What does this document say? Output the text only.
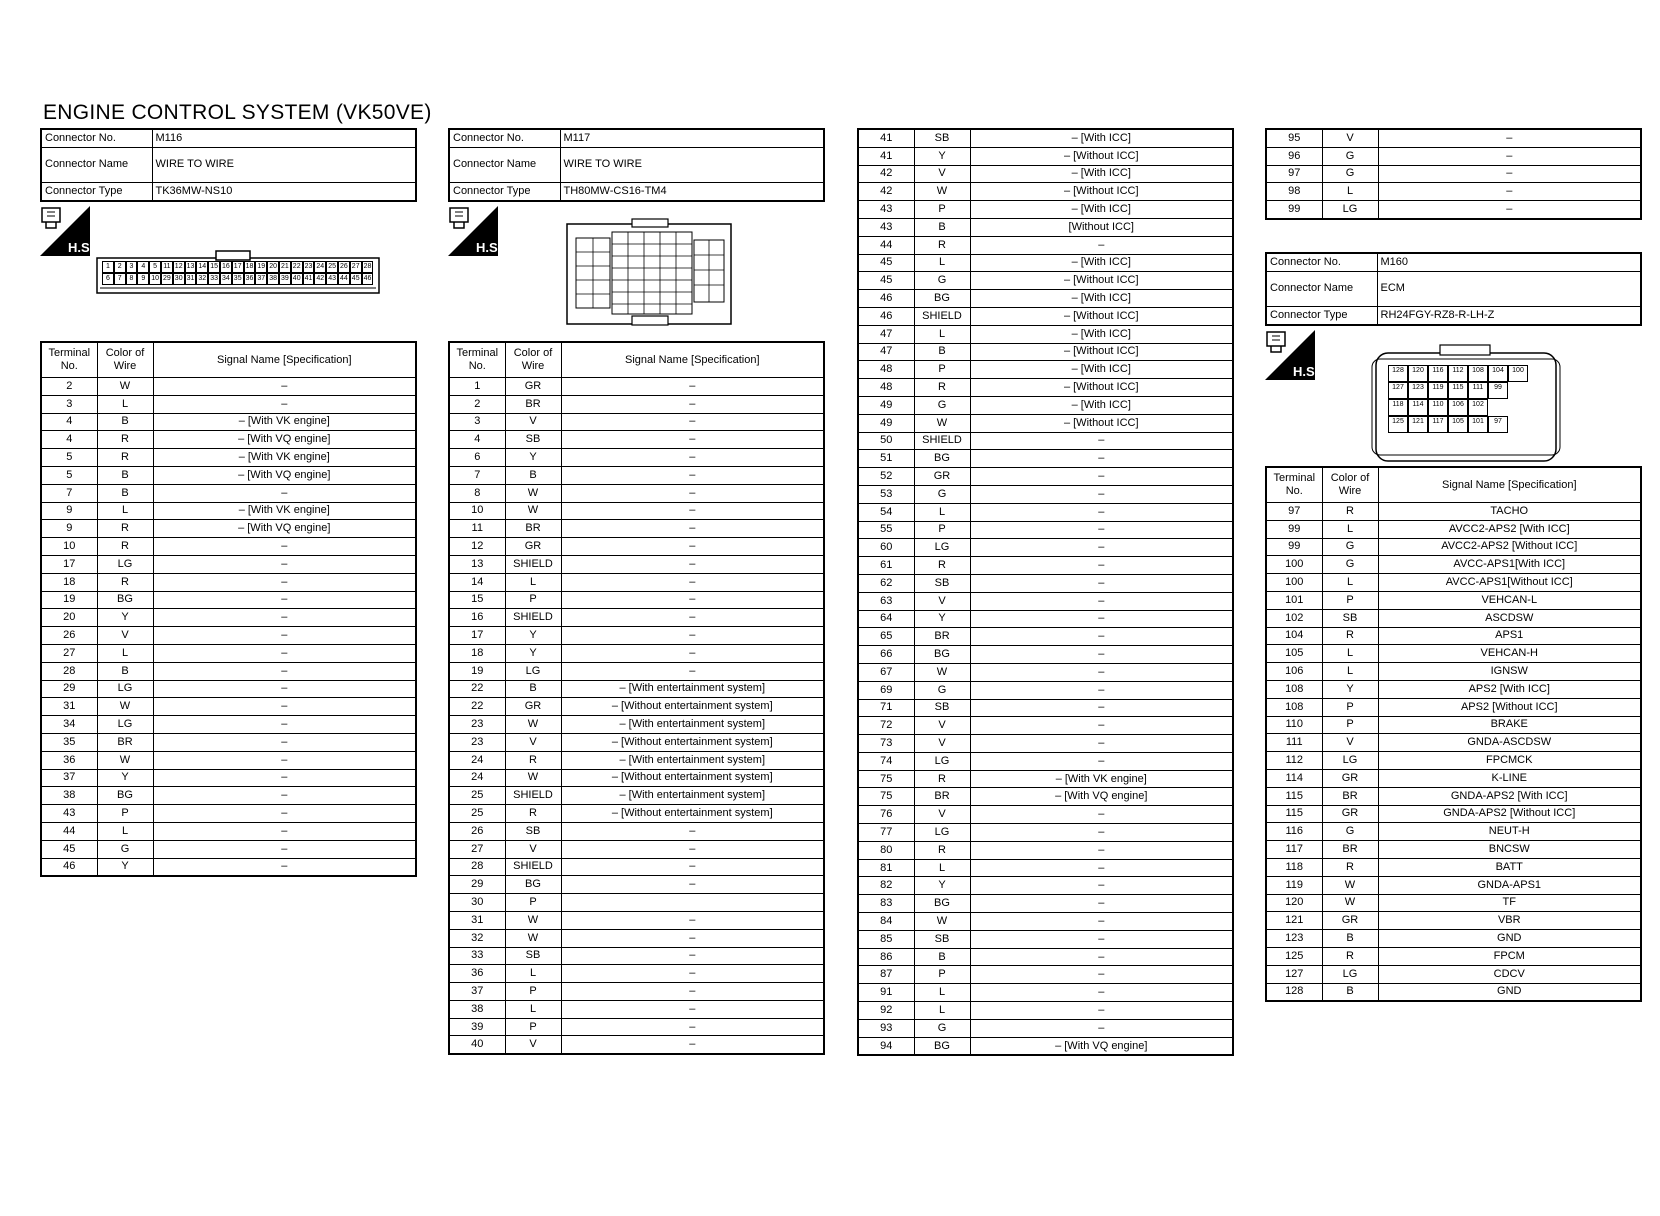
ENGINE CONTROL SYSTEM (VK50VE)
Connector No.	M116
Connector Name	WIRE TO WIRE
Connector Type	TK36MW-NS10
H.S.
1	2	3	4	5 11 12 13 14 15 16 17 18 19 20 21 22 23 24 25 26 27 28
6	7	8	9 10 29 30 31 32 33 34 35 36 37 38 39 40 41 42 43 44 45 46
Terminal No.	Color of Wire	Signal Name [Specification]
2	W	–
3	L	–
4	B	– [With VK engine]
4	R	– [With VQ engine]
5	R	– [With VK engine]
5	B	– [With VQ engine]
7	B	–
9	L	– [With VK engine]
9	R	– [With VQ engine]
10	R	–
17	LG	–
18	R	–
19	BG	–
20	Y	–
26	V	–
27	L	–
28	B	–
29	LG	–
31	W	–
34	LG	–
35	BR	–
36	W	–
37	Y	–
38	BG	–
43	P	–
44	L	–
45	G	–
46	Y	–
Connector No.	M117
Connector Name	WIRE TO WIRE
Connector Type	TH80MW-CS16-TM4
H.S.
Terminal No.	Color of Wire	Signal Name [Specification]
1	GR	–
2	BR	–
3	V	–
4	SB	–
6	Y	–
7	B	–
8	W	–
10	W	–
11	BR	–
12	GR	–
13	SHIELD	–
14	L	–
15	P	–
16	SHIELD	–
17	Y	–
18	Y	–
19	LG	–
22	B	– [With entertainment system]
22	GR	– [Without entertainment system]
23	W	– [With entertainment system]
23	V	– [Without entertainment system]
24	R	– [With entertainment system]
24	W	– [Without entertainment system]
25	SHIELD	– [With entertainment system]
25	R	– [Without entertainment system]
26	SB	–
27	V	–
28	SHIELD	–
29	BG	–
30	P	
31	W	–
32	W	–
33	SB	–
36	L	–
37	P	–
38	L	–
39	P	–
40	V	–
41	SB	– [With ICC]
41	Y	– [Without ICC]
42	V	– [With ICC]
42	W	– [Without ICC]
43	P	– [With ICC]
43	B	[Without ICC]
44	R	–
45	L	– [With ICC]
45	G	– [Without ICC]
46	BG	– [With ICC]
46	SHIELD	– [Without ICC]
47	L	– [With ICC]
47	B	– [Without ICC]
48	P	– [With ICC]
48	R	– [Without ICC]
49	G	– [With ICC]
49	W	– [Without ICC]
50	SHIELD	–
51	BG	–
52	GR	–
53	G	–
54	L	–
55	P	–
60	LG	–
61	R	–
62	SB	–
63	V	–
64	Y	–
65	BR	–
66	BG	–
67	W	–
69	G	–
71	SB	–
72	V	–
73	V	–
74	LG	–
75	R	– [With VK engine]
75	BR	– [With VQ engine]
76	V	–
77	LG	–
80	R	–
81	L	–
82	Y	–
83	BG	–
84	W	–
85	SB	–
86	B	–
87	P	–
91	L	–
92	L	–
93	G	–
94	BG	– [With VQ engine]
95	V	–
96	G	–
97	G	–
98	L	–
99	LG	–
Connector No.	M160
Connector Name	ECM
Connector Type	RH24FGY-RZ8-R-LH-Z
H.S.	128	120	116	112	108	104	100
127	123	119	115	111	99
118	114	110	106	102
125	121	117	105	101	97
Terminal No.	Color of Wire	Signal Name [Specification]
97	R	TACHO
99	L	AVCC2-APS2 [With ICC]
99	G	AVCC2-APS2 [Without ICC]
100	G	AVCC-APS1[With ICC]
100	L	AVCC-APS1[Without ICC]
101	P	VEHCAN-L
102	SB	ASCDSW
104	R	APS1
105	L	VEHCAN-H
106	L	IGNSW
108	Y	APS2 [With ICC]
108	P	APS2 [Without ICC]
110	P	BRAKE
111	V	GNDA-ASCDSW
112	LG	FPCMCK
114	GR	K-LINE
115	BR	GNDA-APS2 [With ICC]
115	GR	GNDA-APS2 [Without ICC]
116	G	NEUT-H
117	BR	BNCSW
118	R	BATT
119	W	GNDA-APS1
120	W	TF
121	GR	VBR
123	B	GND
125	R	FPCM
127	LG	CDCV
128	B	GND
